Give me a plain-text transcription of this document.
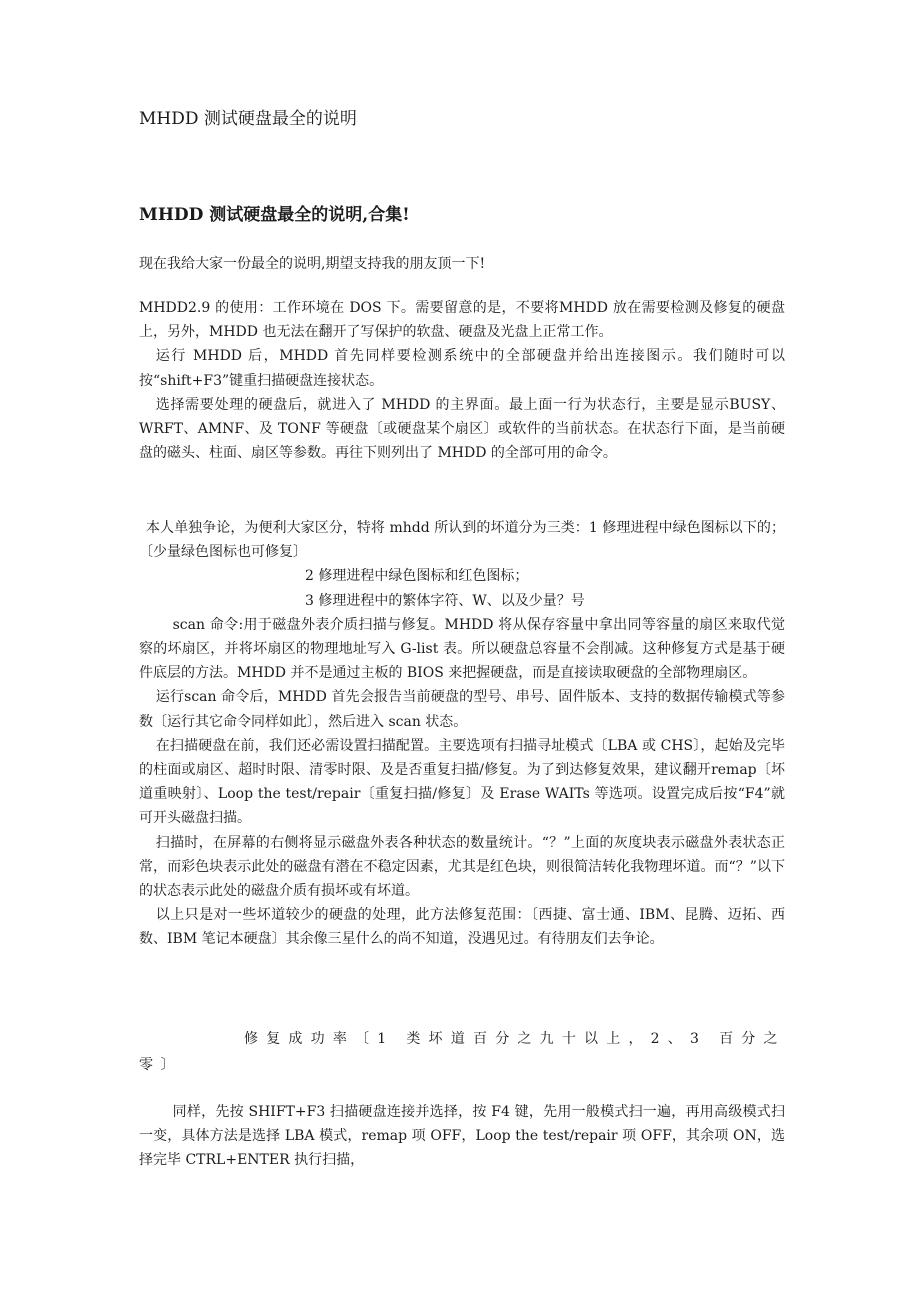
MHDD 测试硬盘最全的说明
MHDD 测试硬盘最全的说明,合集!

现在我给大家一份最全的说明,期望支持我的朋友顶一下!

MHDD2.9 的使用：工作环境在 DOS 下。需要留意的是，不要将MHDD 放在需要检测及修复的硬盘上，另外，MHDD 也无法在翻开了写保护的软盘、硬盘及光盘上正常工作。

运行 MHDD 后，MHDD 首先同样要检测系统中的全部硬盘并给出连接图示。我们随时可以按“shift+F3”键重扫描硬盘连接状态。

选择需要处理的硬盘后，就进入了 MHDD 的主界面。最上面一行为状态行，主要是显示BUSY、WRFT、AMNF、及 TONF 等硬盘〔或硬盘某个扇区〕或软件的当前状态。在状态行下面，是当前硬盘的磁头、柱面、扇区等参数。再往下则列出了 MHDD 的全部可用的命令。

本人单独争论，为便利大家区分，特将 mhdd 所认到的坏道分为三类：1 修理进程中绿色图标以下的；〔少量绿色图标也可修复〕

2 修理进程中绿色图标和红色图标；

3 修理进程中的繁体字符、W、以及少量？号

scan 命令:用于磁盘外表介质扫描与修复。MHDD 将从保存容量中拿出同等容量的扇区来取代觉察的坏扇区，并将坏扇区的物理地址写入 G-list 表。所以硬盘总容量不会削减。这种修复方式是基于硬件底层的方法。MHDD 并不是通过主板的 BIOS 来把握硬盘，而是直接读取硬盘的全部物理扇区。

运行scan 命令后，MHDD 首先会报告当前硬盘的型号、串号、固件版本、支持的数据传输模式等参数〔运行其它命令同样如此〕，然后进入 scan 状态。

在扫描硬盘在前，我们还必需设置扫描配置。主要选项有扫描寻址模式〔LBA 或 CHS〕，起始及完毕的柱面或扇区、超时时限、清零时限、及是否重复扫描/修复。为了到达修复效果，建议翻开remap〔坏道重映射〕、Loop the test/repair〔重复扫描/修复〕及 Erase WAITs 等选项。设置完成后按“F4”就可开头磁盘扫描。

扫描时，在屏幕的右侧将显示磁盘外表各种状态的数量统计。“？”上面的灰度块表示磁盘外表状态正常，而彩色块表示此处的磁盘有潜在不稳定因素，尤其是红色块，则很简洁转化我物理坏道。而“？”以下的状态表示此处的磁盘介质有损坏或有坏道。

以上只是对一些坏道较少的硬盘的处理，此方法修复范围：〔西捷、富士通、IBM、昆腾、迈拓、西数、IBM 笔记本硬盘〕其余像三星什么的尚不知道，没遇见过。有待朋友们去争论。

修复成功率〔1 类坏道百分之九十以上，2、3 百分之零〕

同样，先按 SHIFT+F3 扫描硬盘连接并选择，按 F4 键，先用一般模式扫一遍，再用高级模式扫一变，具体方法是选择 LBA 模式，remap 项 OFF，Loop the test/repair 项 OFF，其余项 ON，选择完毕 CTRL+ENTER 执行扫描，
